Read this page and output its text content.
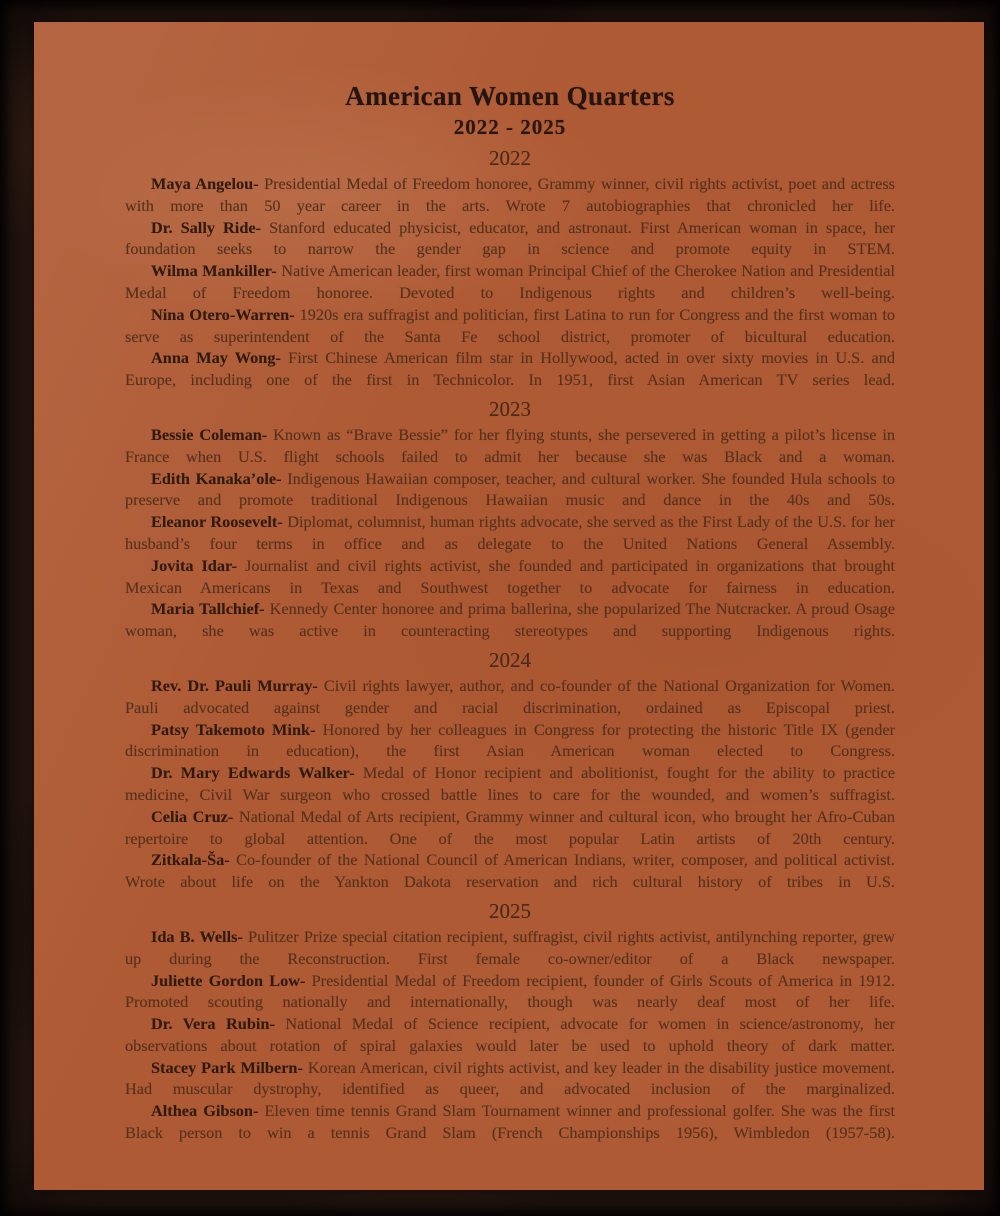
American Women Quarters
2022 - 2025
2022

Maya Angelou- Presidential Medal of Freedom honoree, Grammy winner, civil rights activist, poet and actress with more than 50 year career in the arts. Wrote 7 autobiographies that chronicled her life.

Dr. Sally Ride- Stanford educated physicist, educator, and astronaut. First American woman in space, her foundation seeks to narrow the gender gap in science and promote equity in STEM.

Wilma Mankiller- Native American leader, first woman Principal Chief of the Cherokee Nation and Presidential Medal of Freedom honoree. Devoted to Indigenous rights and children’s well-being.

Nina Otero-Warren- 1920s era suffragist and politician, first Latina to run for Congress and the first woman to serve as superintendent of the Santa Fe school district, promoter of bicultural education.

Anna May Wong- First Chinese American film star in Hollywood, acted in over sixty movies in U.S. and Europe, including one of the first in Technicolor. In 1951, first Asian American TV series lead.

2023

Bessie Coleman- Known as “Brave Bessie” for her flying stunts, she persevered in getting a pilot’s license in France when U.S. flight schools failed to admit her because she was Black and a woman.

Edith Kanaka’ole- Indigenous Hawaiian composer, teacher, and cultural worker. She founded Hula schools to preserve and promote traditional Indigenous Hawaiian music and dance in the 40s and 50s.

Eleanor Roosevelt- Diplomat, columnist, human rights advocate, she served as the First Lady of the U.S. for her husband’s four terms in office and as delegate to the United Nations General Assembly.

Jovita Idar- Journalist and civil rights activist, she founded and participated in organizations that brought Mexican Americans in Texas and Southwest together to advocate for fairness in education.

Maria Tallchief- Kennedy Center honoree and prima ballerina, she popularized The Nutcracker. A proud Osage woman, she was active in counteracting stereotypes and supporting Indigenous rights.

2024

Rev. Dr. Pauli Murray- Civil rights lawyer, author, and co-founder of the National Organization for Women. Pauli advocated against gender and racial discrimination, ordained as Episcopal priest.

Patsy Takemoto Mink- Honored by her colleagues in Congress for protecting the historic Title IX (gender discrimination in education), the first Asian American woman elected to Congress.

Dr. Mary Edwards Walker- Medal of Honor recipient and abolitionist, fought for the ability to practice medicine, Civil War surgeon who crossed battle lines to care for the wounded, and women’s suffragist.

Celia Cruz- National Medal of Arts recipient, Grammy winner and cultural icon, who brought her Afro-Cuban repertoire to global attention. One of the most popular Latin artists of 20th century.

Zitkala-Ša- Co-founder of the National Council of American Indians, writer, composer, and political activist. Wrote about life on the Yankton Dakota reservation and rich cultural history of tribes in U.S.

2025

Ida B. Wells- Pulitzer Prize special citation recipient, suffragist, civil rights activist, antilynching reporter, grew up during the Reconstruction. First female co-owner/editor of a Black newspaper.

Juliette Gordon Low- Presidential Medal of Freedom recipient, founder of Girls Scouts of America in 1912. Promoted scouting nationally and internationally, though was nearly deaf most of her life.

Dr. Vera Rubin- National Medal of Science recipient, advocate for women in science/astronomy, her observations about rotation of spiral galaxies would later be used to uphold theory of dark matter.

Stacey Park Milbern- Korean American, civil rights activist, and key leader in the disability justice movement. Had muscular dystrophy, identified as queer, and advocated inclusion of the marginalized.

Althea Gibson- Eleven time tennis Grand Slam Tournament winner and professional golfer. She was the first Black person to win a tennis Grand Slam (French Championships 1956), Wimbledon (1957-58).
